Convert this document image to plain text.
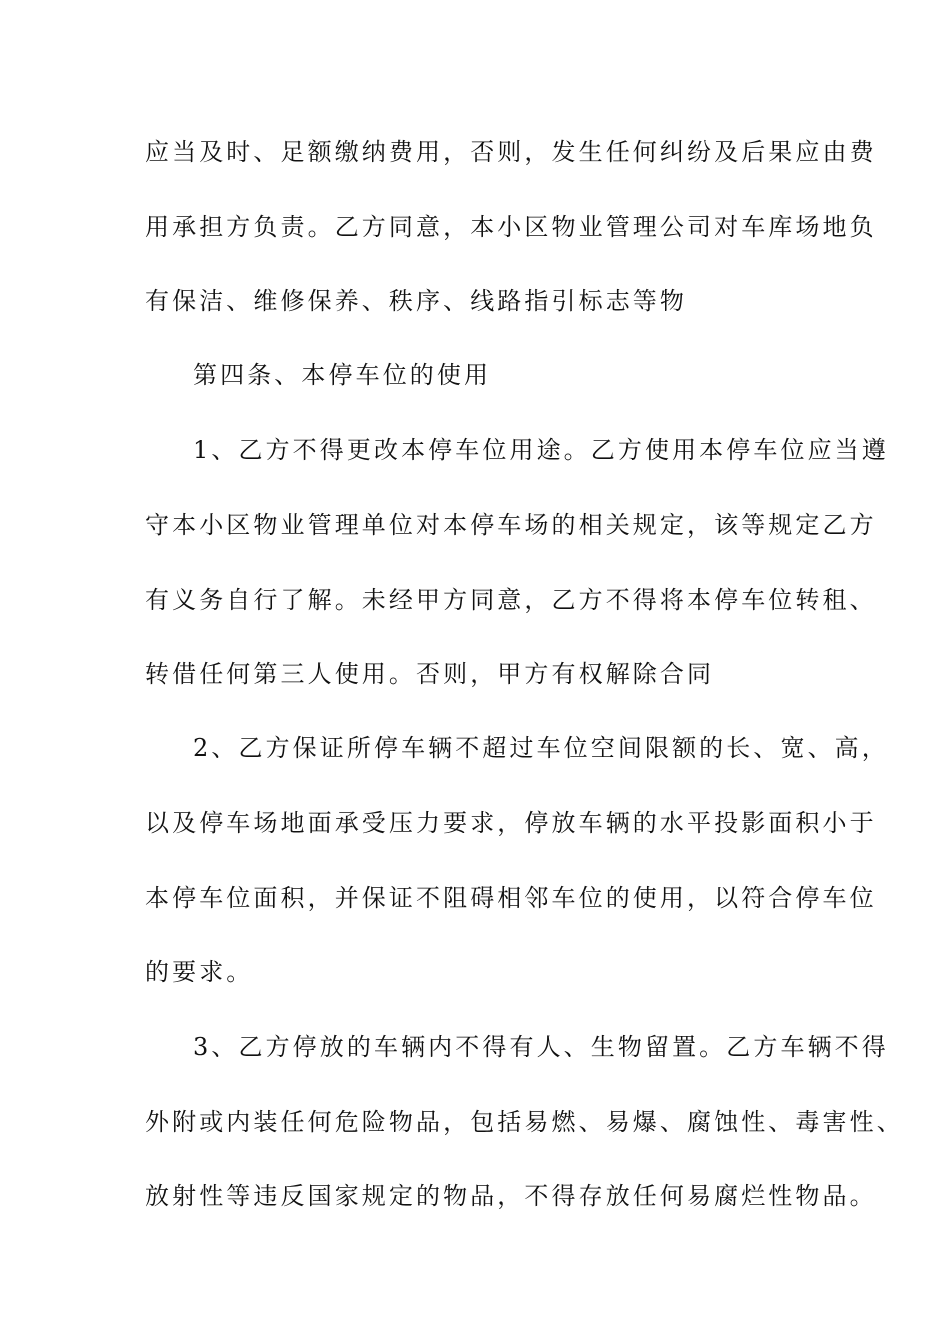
应当及时、足额缴纳费用，否则，发生任何纠纷及后果应由费
用承担方负责。乙方同意，本小区物业管理公司对车库场地负
有保洁、维修保养、秩序、线路指引标志等物
第四条、本停车位的使用
1、乙方不得更改本停车位用途。乙方使用本停车位应当遵
守本小区物业管理单位对本停车场的相关规定，该等规定乙方
有义务自行了解。未经甲方同意，乙方不得将本停车位转租、
转借任何第三人使用。否则，甲方有权解除合同
2、乙方保证所停车辆不超过车位空间限额的长、宽、高，
以及停车场地面承受压力要求，停放车辆的水平投影面积小于
本停车位面积，并保证不阻碍相邻车位的使用，以符合停车位
的要求。
3、乙方停放的车辆内不得有人、生物留置。乙方车辆不得
外附或内装任何危险物品，包括易燃、易爆、腐蚀性、毒害性、
放射性等违反国家规定的物品，不得存放任何易腐烂性物品。
